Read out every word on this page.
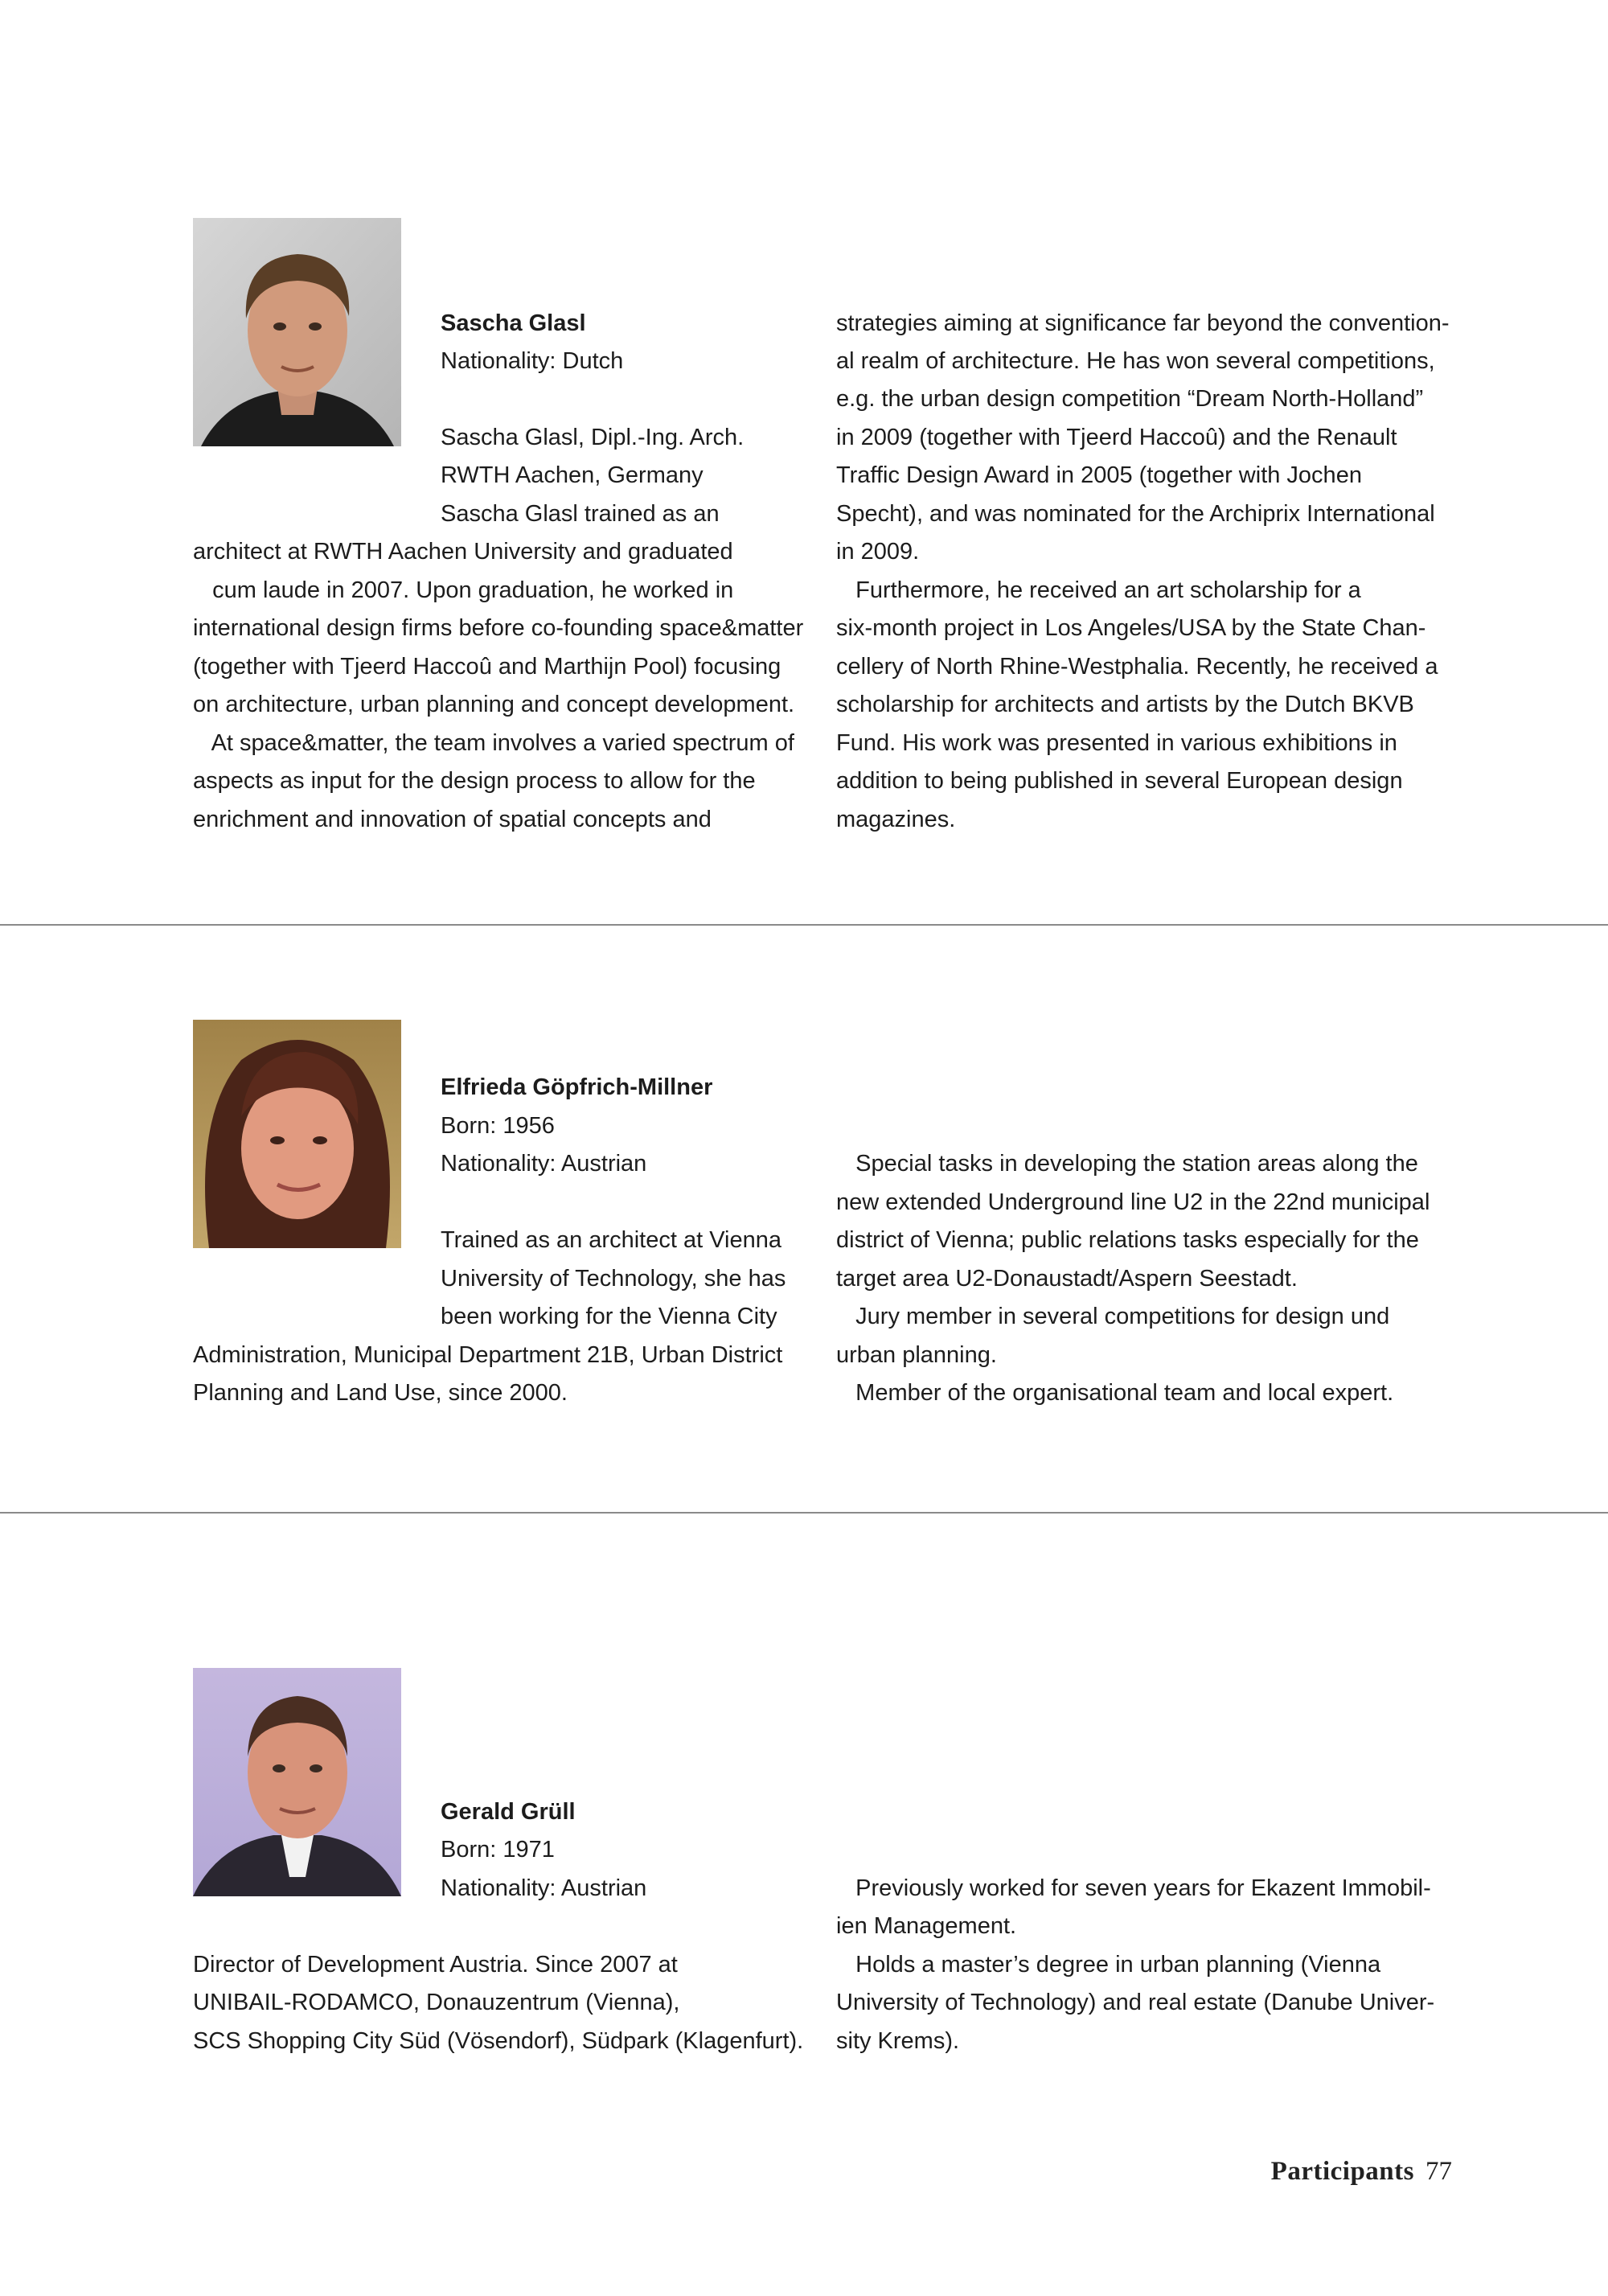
Sascha Glasl
Nationality: Dutch
Sascha Glasl, Dipl.-Ing. Arch.
RWTH Aachen, Germany
Sascha Glasl trained as an
architect at RWTH Aachen University and graduated
cum laude in 2007. Upon graduation, he worked in
international design firms before co-founding space&matter
(together with Tjeerd Haccoû and Marthijn Pool) focusing
on architecture, urban planning and concept development.
At space&matter, the team involves a varied spectrum of
aspects as input for the design process to allow for the
enrichment and innovation of spatial concepts and
strategies aiming at significance far beyond the convention-
al realm of architecture. He has won several competitions,
e.g. the urban design competition “Dream North-Holland”
in 2009 (together with Tjeerd Haccoû) and the Renault
Traffic Design Award in 2005 (together with Jochen
Specht), and was nominated for the Archiprix International
in 2009.
Furthermore, he received an art scholarship for a
six-month project in Los Angeles/USA by the State Chan-
cellery of North Rhine-Westphalia. Recently, he received a
scholarship for architects and artists by the Dutch BKVB
Fund. His work was presented in various exhibitions in
addition to being published in several European design
magazines.
Elfrieda Göpfrich-Millner
Born: 1956
Nationality: Austrian
Trained as an architect at Vienna
University of Technology, she has
been working for the Vienna City
Administration, Municipal Department 21B, Urban District
Planning and Land Use, since 2000.
Special tasks in developing the station areas along the
new extended Underground line U2 in the 22nd municipal
district of Vienna; public relations tasks especially for the
target area U2-Donaustadt/Aspern Seestadt.
Jury member in several competitions for design und
urban planning.
Member of the organisational team and local expert.
Gerald Grüll
Born: 1971
Nationality: Austrian
Director of Development Austria. Since 2007 at
UNIBAIL-RODAMCO, Donauzentrum (Vienna),
SCS Shopping City Süd (Vösendorf), Südpark (Klagenfurt).
Previously worked for seven years for Ekazent Immobil-
ien Management.
Holds a master’s degree in urban planning (Vienna
University of Technology) and real estate (Danube Univer-
sity Krems).
Participants 77
